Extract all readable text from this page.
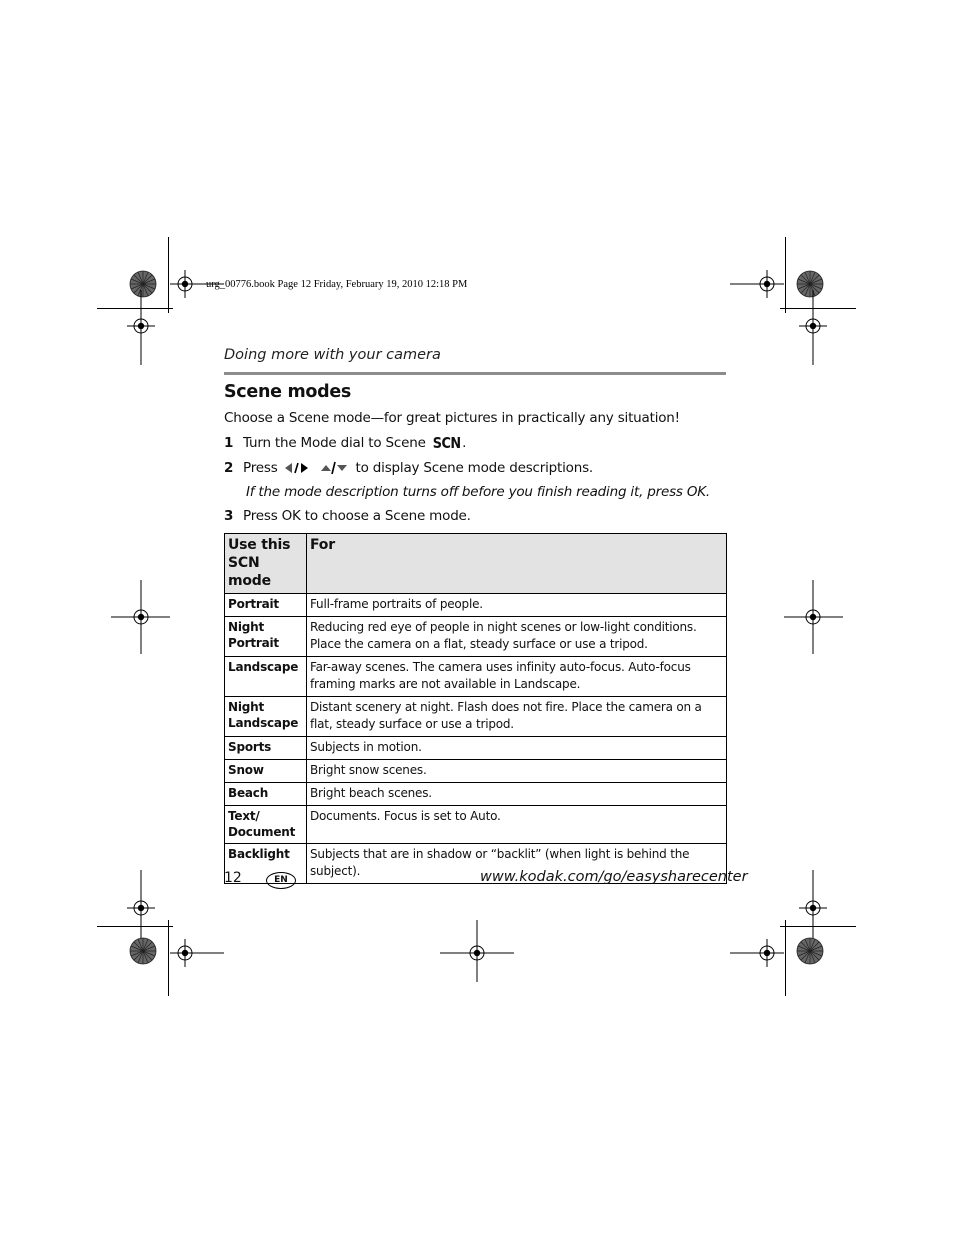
urg_00776.book Page 12 Friday, February 19, 2010 12:18 PM
Doing more with your camera
Scene modes
Choose a Scene mode—for great pictures in practically any situation!
1 Turn the Mode dial to Scene SCN .
2 Press	to display Scene mode descriptions.
If the mode description turns off before you finish reading it, press OK.
3 Press OK to choose a Scene mode.
Use this SCN mode	For
Portrait	Full-frame portraits of people.
Night Portrait	Reducing red eye of people in night scenes or low-light conditions. Place the camera on a flat, steady surface or use a tripod.
Landscape	Far-away scenes. The camera uses infinity auto-focus. Auto-focus framing marks are not available in Landscape.
Night Landscape	Distant scenery at night. Flash does not fire. Place the camera on a flat, steady surface or use a tripod.
Sports	Subjects in motion.
Snow	Bright snow scenes.
Beach	Bright beach scenes.
Text/ Document	Documents. Focus is set to Auto.
Backlight	Subjects that are in shadow or “backlit” (when light is behind the subject).
12	EN	www.kodak.com/go/easysharecenter
